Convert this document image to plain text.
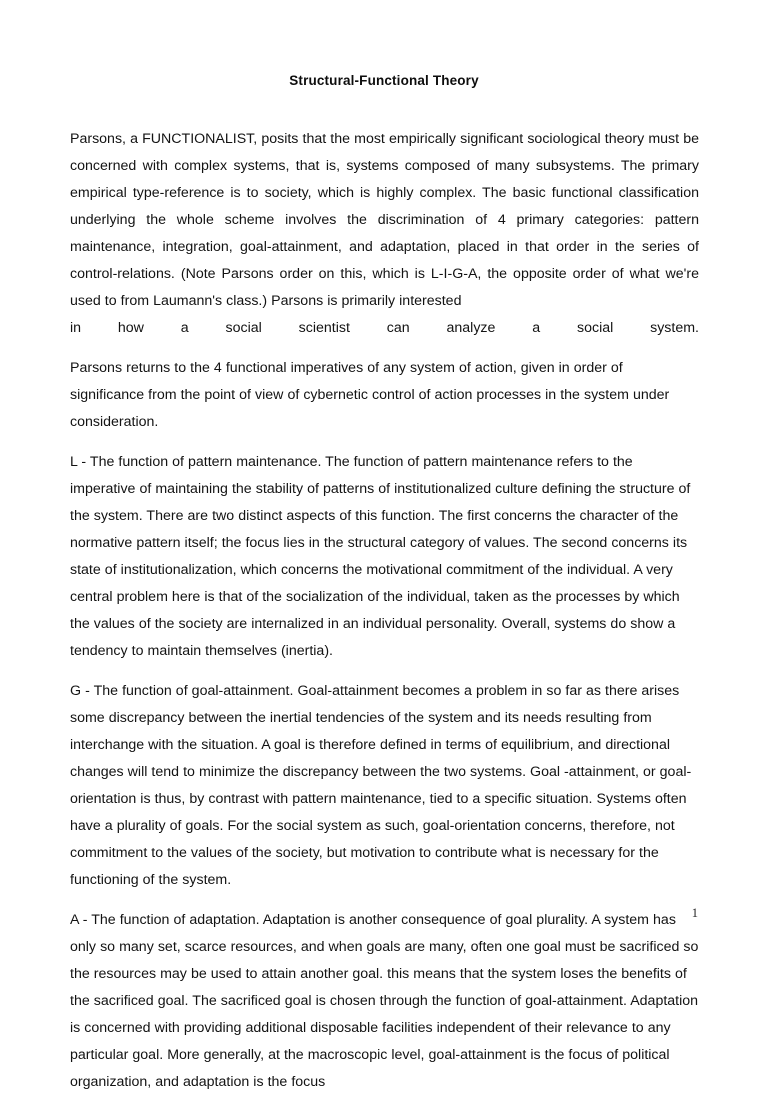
Structural-Functional Theory

Parsons, a FUNCTIONALIST, posits that the most empirically significant sociological theory must be concerned with complex systems, that is, systems composed of many subsystems. The primary empirical type-reference is to society, which is highly complex. The basic functional classification underlying the whole scheme involves the discrimination of 4 primary categories: pattern maintenance, integration, goal-attainment, and adaptation, placed in that order in the series of control-relations. (Note Parsons order on this, which is L-I-G-A, the opposite order of what we're used to from Laumann's class.) Parsons is primarily interested
in how a social scientist can analyze a social system.

Parsons returns to the 4 functional imperatives of any system of action, given in order of significance from the point of view of cybernetic control of action processes in the system under consideration.

L - The function of pattern maintenance. The function of pattern maintenance refers to the imperative of maintaining the stability of patterns of institutionalized culture defining the structure of the system. There are two distinct aspects of this function. The first concerns the character of the normative pattern itself; the focus lies in the structural category of values. The second concerns its state of institutionalization, which concerns the motivational commitment of the individual. A very central problem here is that of the socialization of the individual, taken as the processes by which the values of the society are internalized in an individual personality. Overall, systems do show a tendency to maintain themselves (inertia).

G - The function of goal-attainment. Goal-attainment becomes a problem in so far as there arises some discrepancy between the inertial tendencies of the system and its needs resulting from interchange with the situation. A goal is therefore defined in terms of equilibrium, and directional changes will tend to minimize the discrepancy between the two systems. Goal -attainment, or goal- orientation is thus, by contrast with pattern maintenance, tied to a specific situation. Systems often have a plurality of goals. For the social system as such, goal-orientation concerns, therefore, not commitment to the values of the society, but motivation to contribute what is necessary for the functioning of the system.

A - The function of adaptation. Adaptation is another consequence of goal plurality. A system has only so many set, scarce resources, and when goals are many, often one goal must be sacrificed so the resources may be used to attain another goal. this means that the system loses the benefits of the sacrificed goal. The sacrificed goal is chosen through the function of goal-attainment. Adaptation is concerned with providing additional disposable facilities independent of their relevance to any particular goal. More generally, at the macroscopic level, goal-attainment is the focus of political organization, and adaptation is the focus

1
